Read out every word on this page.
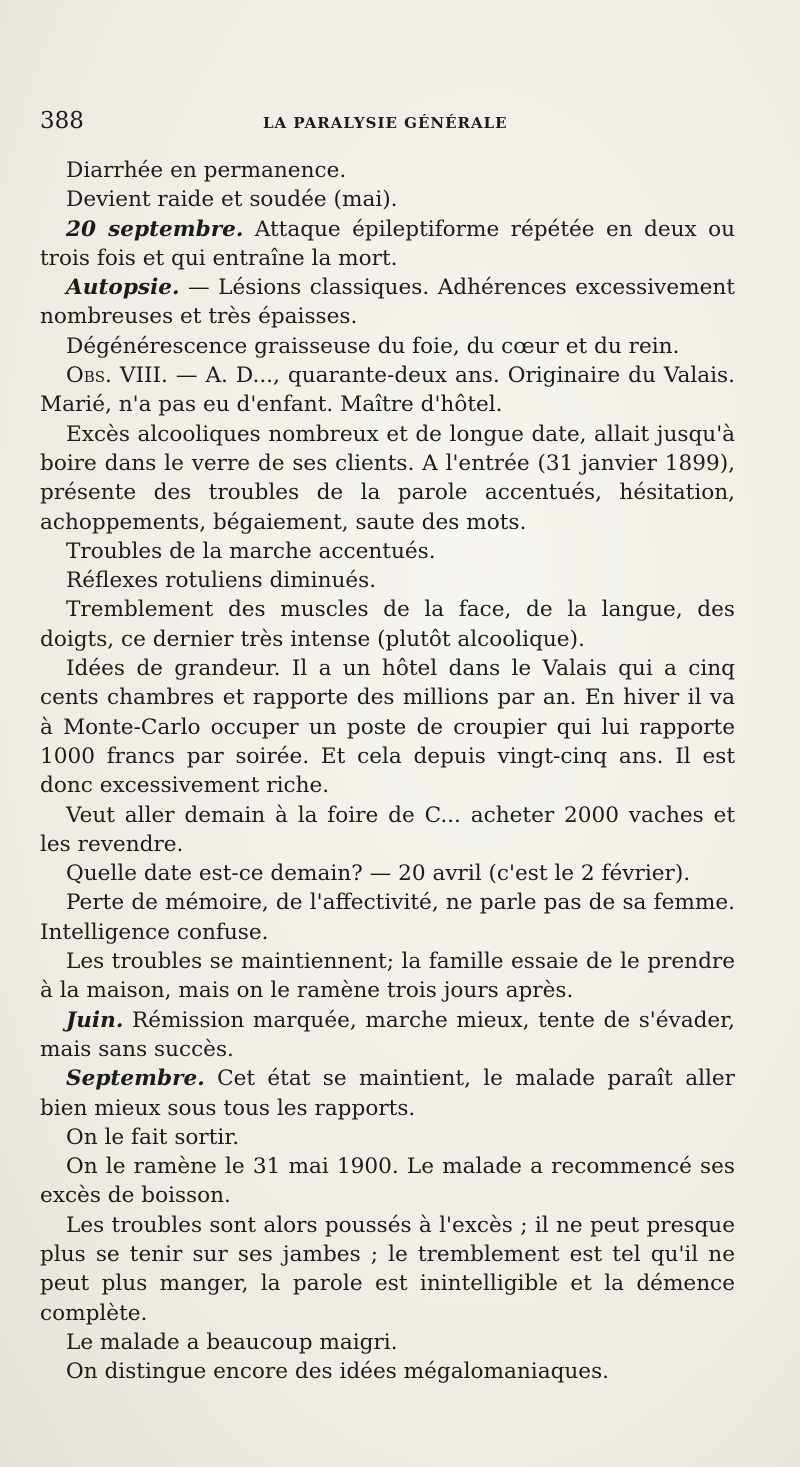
388	LA PARALYSIE GÉNÉRALE

Diarrhée en permanence.

Devient raide et soudée (mai).

20 septembre. Attaque épileptiforme répétée en deux ou trois fois et qui entraîne la mort.

Autopsie. — Lésions classiques. Adhérences excessivement nombreuses et très épaisses.

Dégénérescence graisseuse du foie, du cœur et du rein.

Obs. VIII. — A. D..., quarante-deux ans. Originaire du Valais. Marié, n'a pas eu d'enfant. Maître d'hôtel.

Excès alcooliques nombreux et de longue date, allait jusqu'à boire dans le verre de ses clients. A l'entrée (31 janvier 1899), présente des troubles de la parole accentués, hésitation, achoppements, bégaiement, saute des mots.

Troubles de la marche accentués.

Réflexes rotuliens diminués.

Tremblement des muscles de la face, de la langue, des doigts, ce dernier très intense (plutôt alcoolique).

Idées de grandeur. Il a un hôtel dans le Valais qui a cinq cents chambres et rapporte des millions par an. En hiver il va à Monte-Carlo occuper un poste de croupier qui lui rapporte 1000 francs par soirée. Et cela depuis vingt-cinq ans. Il est donc excessivement riche.

Veut aller demain à la foire de C... acheter 2000 vaches et les revendre.

Quelle date est-ce demain? — 20 avril (c'est le 2 février).

Perte de mémoire, de l'affectivité, ne parle pas de sa femme. Intelligence confuse.

Les troubles se maintiennent; la famille essaie de le prendre à la maison, mais on le ramène trois jours après.

Juin. Rémission marquée, marche mieux, tente de s'évader, mais sans succès.

Septembre. Cet état se maintient, le malade paraît aller bien mieux sous tous les rapports.

On le fait sortir.

On le ramène le 31 mai 1900. Le malade a recommencé ses excès de boisson.

Les troubles sont alors poussés à l'excès ; il ne peut presque plus se tenir sur ses jambes ; le tremblement est tel qu'il ne peut plus manger, la parole est inintelligible et la démence complète.

Le malade a beaucoup maigri.

On distingue encore des idées mégalomaniaques.
